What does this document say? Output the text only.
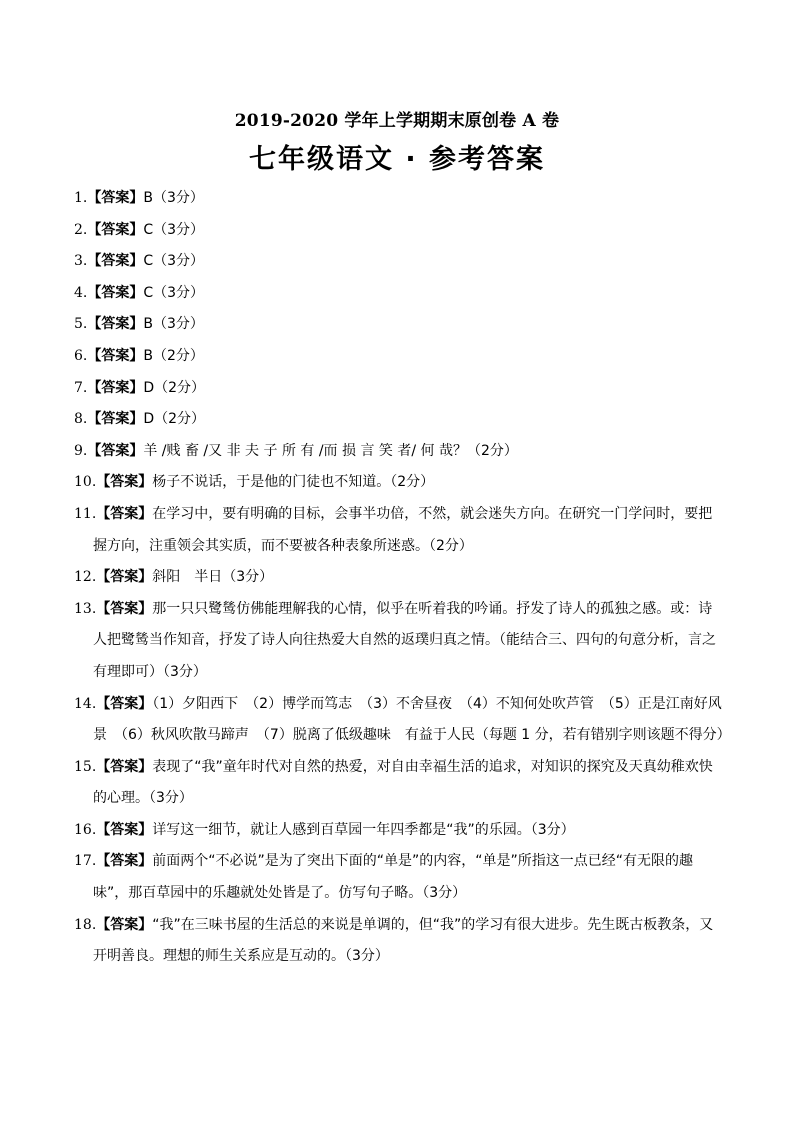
2019-2020 学年上学期期末原创卷 A 卷
七年级语文 · 参考答案
1.【答案】B（3分）
2.【答案】C（3分）
3.【答案】C（3分）
4.【答案】C（3分）
5.【答案】B（3分）
6.【答案】B（2分）
7.【答案】D（2分）
8.【答案】D（2分）
9.【答案】羊 /贱 畜 /又 非 夫 子 所 有 /而 损 言 笑 者/ 何 哉？（2分）
10.【答案】杨子不说话，于是他的门徒也不知道。（2分）
11.【答案】在学习中，要有明确的目标，会事半功倍，不然，就会迷失方向。在研究一门学问时，要把握方向，注重领会其实质，而不要被各种表象所迷惑。（2分）
12.【答案】斜阳　半日（3分）
13.【答案】那一只只鹭鸶仿佛能理解我的心情，似乎在听着我的吟诵。抒发了诗人的孤独之感。或：诗人把鹭鸶当作知音，抒发了诗人向往热爱大自然的返璞归真之情。（能结合三、四句的句意分析，言之有理即可）（3分）
14.【答案】（1）夕阳西下　（2）博学而笃志　（3）不舍昼夜　（4）不知何处吹芦管　（5）正是江南好风景　（6）秋风吹散马蹄声　（7）脱离了低级趣味　有益于人民（每题 1 分，若有错别字则该题不得分）
15.【答案】表现了“我”童年时代对自然的热爱，对自由幸福生活的追求，对知识的探究及天真幼稚欢快的心理。（3分）
16.【答案】详写这一细节，就让人感到百草园一年四季都是“我”的乐园。（3分）
17.【答案】前面两个“不必说”是为了突出下面的“单是”的内容，“单是”所指这一点已经“有无限的趣味”，那百草园中的乐趣就处处皆是了。仿写句子略。（3分）
18.【答案】“我”在三味书屋的生活总的来说是单调的，但“我”的学习有很大进步。先生既古板教条，又开明善良。理想的师生关系应是互动的。（3分）
